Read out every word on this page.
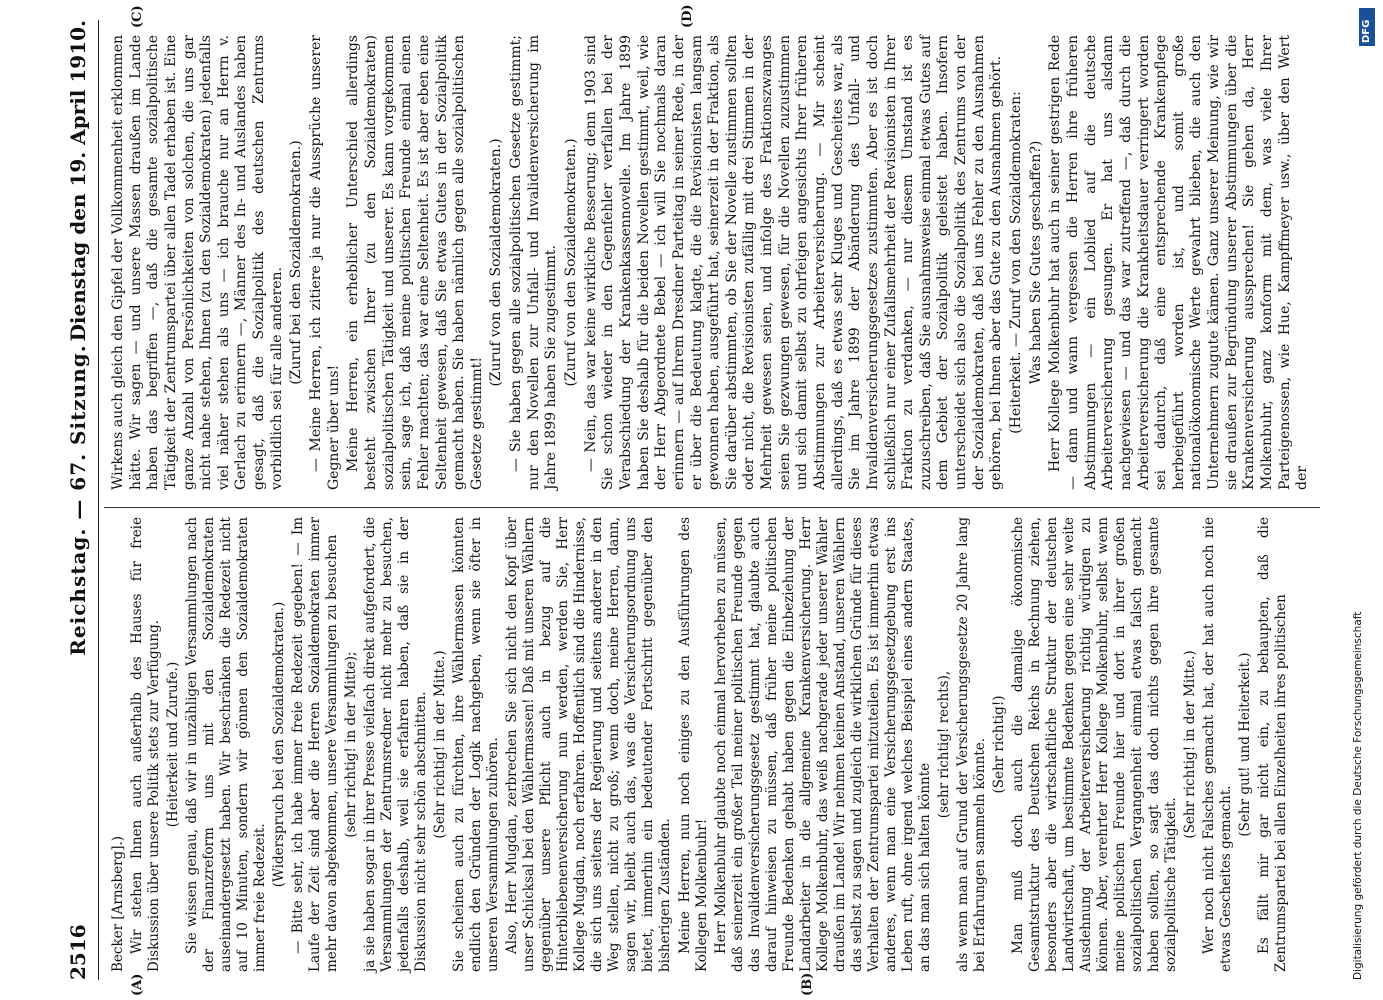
2516
Reichstag. — 67. Sitzung.
Dienstag den 19. April 1910.
(A)	(B)
(C)	(D)

Becker [Arnsberg].) Wir stehen Ihnen auch außerhalb des Hauses für freie Diskussion über unsere Politik stets zur Verfügung. (Heiterkeit und Zurufe.) Sie wissen genau, daß wir in unzähligen Versammlungen nach der Finanzreform uns mit den Sozialdemokraten auseinandergesetzt haben. Wir beschränken die Redezeit nicht auf 10 Minuten, sondern wir gönnen den Sozialdemokraten immer freie Redezeit.

(Widerspruch bei den Sozialdemokraten.) — Bitte sehr, ich habe immer freie Redezeit gegeben! — Im Laufe der Zeit sind aber die Herren Sozialdemokraten immer mehr davon abgekommen, unsere Versammlungen zu besuchen (sehr richtig! in der Mitte); ja sie haben sogar in ihrer Presse vielfach direkt aufgefordert, die Versammlungen der Zentrumsredner nicht mehr zu besuchen, jedenfalls deshalb, weil sie erfahren haben, daß sie in der Diskussion nicht sehr schön abschnitten. (Sehr richtig! in der Mitte.) Sie scheinen auch zu fürchten, ihre Wählermassen könnten endlich den Gründen der Logik nachgeben, wenn sie öfter in unseren Versammlungen zuhören. Also, Herr Mugdan, zerbrechen Sie sich nicht den Kopf über unser Schicksal bei den Wählermassen! Daß mit unseren Wählern gegenüber unsere Pflicht auch in bezug auf die Hinterbliebenenversicherung nun werden, werden Sie, Herr Kollege Mugdan, noch erfahren. Hoffentlich sind die Hindernisse, die sich uns seitens der Regierung und seitens anderer in den Weg stellen, nicht zu groß; wenn doch, meine Herren, dann, sagen wir, bleibt auch das, was die Versicherungsordnung uns bietet, immerhin ein bedeutender Fortschritt gegenüber den bisherigen Zuständen. Meine Herren, nun noch einiges zu den Ausführungen des Kollegen Molkenbuhr! Herr Molkenbuhr glaubte noch einmal hervorheben zu müssen, daß seinerzeit ein großer Teil meiner politischen Freunde gegen das Invalidenversicherungsgesetz gestimmt hat, glaubte auch darauf hinweisen zu müssen, daß früher meine politischen Freunde Bedenken gehabt haben gegen die Einbeziehung der Landarbeiter in die allgemeine Krankenversicherung. Herr Kollege Molkenbuhr, das weiß nachgerade jeder unserer Wähler draußen im Lande! Wir nehmen keinen Anstand, unseren Wählern das selbst zu sagen und zugleich die wirklichen Gründe für dieses Verhalten der Zentrumspartei mitzuteilen. Es ist immerhin etwas anderes, wenn man eine Versicherungsgesetzgebung erst ins Leben ruft, ohne irgend welches Beispiel eines andern Staates, an das man sich halten könnte

(sehr richtig! rechts), als wenn man auf Grund der Versicherungsgesetze 20 Jahre lang bei Erfahrungen sammeln könnte. (Sehr richtig!) Man muß doch auch die damalige ökonomische Gesamtstruktur des Deutschen Reichs in Rechnung ziehen, besonders aber die wirtschaftliche Struktur der deutschen Landwirtschaft, um bestimmte Bedenken gegen eine sehr weite Ausdehnung der Arbeiterversicherung richtig würdigen zu können. Aber, verehrter Herr Kollege Molkenbuhr, selbst wenn meine politischen Freunde hier und dort in ihrer großen sozialpolitischen Vergangenheit einmal etwas falsch gemacht haben sollten, so sagt das doch nichts gegen ihre gesamte sozialpolitische Tätigkeit.

(Sehr richtig! in der Mitte.) Wer noch nicht Falsches gemacht hat, der hat auch noch nie etwas Gescheites gemacht.

(Sehr gut! und Heiterkeit.) Es fällt mir gar nicht ein, zu behaupten, daß die Zentrumspartei bei allen Einzelheiten ihres politischen

Wirkens auch gleich den Gipfel der Vollkommenheit erklommen hätte. Wir sagen — und unsere Massen draußen im Lande haben das begriffen —, daß die gesamte sozialpolitische Tätigkeit der Zentrumspartei über allen Tadel erhaben ist. Eine ganze Anzahl von Persönlichkeiten von solchen, die uns gar nicht nahe stehen, Ihnen (zu den Sozialdemokraten) jedenfalls viel näher stehen als uns — ich brauche nur an Herrn v. Gerlach zu erinnern —, Männer des In- und Auslandes haben gesagt, daß die Sozialpolitik des deutschen Zentrums vorbildlich sei für alle anderen. (Zuruf bei den Sozialdemokraten.) — Meine Herren, ich zitiere ja nur die Aussprüche unserer Gegner über uns! Meine Herren, ein erheblicher Unterschied allerdings besteht zwischen Ihrer (zu den Sozialdemokraten) sozialpolitischen Tätigkeit und unserer. Es kann vorgekommen sein, sage ich, daß meine politischen Freunde einmal einen Fehler machten; das war eine Seltenheit. Es ist aber eben eine Seltenheit gewesen, daß Sie etwas Gutes in der Sozialpolitik gemacht haben. Sie haben nämlich gegen alle sozialpolitischen Gesetze gestimmt!

(Zuruf von den Sozialdemokraten.) — Sie haben gegen alle sozialpolitischen Gesetze gestimmt; nur den Novellen zur Unfall- und Invalidenversicherung im Jahre 1899 haben Sie zugestimmt. (Zuruf von den Sozialdemokraten.) — Nein, das war keine wirkliche Besserung; denn 1903 sind Sie schon wieder in den Gegenfehler verfallen bei der Verabschiedung der Krankenkassennovelle. Im Jahre 1899 haben Sie deshalb für die beiden Novellen gestimmt, weil, wie der Herr Abgeordnete Bebel — ich will Sie nochmals daran erinnern — auf Ihrem Dresdner Parteitag in seiner Rede, in der er über die Bedeutung klagte, die die Revisionisten langsam gewonnen haben, ausgeführt hat, seinerzeit in der Fraktion, als Sie darüber abstimmten, ob Sie der Novelle zustimmen sollten oder nicht, die Revisionisten zufällig mit drei Stimmen in der Mehrheit gewesen seien, und infolge des Fraktionszwanges seien Sie gezwungen gewesen, für die Novellen zuzustimmen und sich damit selbst zu ohrfeigen angesichts Ihrer früheren Abstimmungen zur Arbeiterversicherung. — Mir scheint allerdings, daß es etwas sehr Kluges und Gescheites war, als Sie im Jahre 1899 der Abänderung des Unfall- und Invalidenversicherungsgesetzes zustimmten. Aber es ist doch schließlich nur einer Zufallsmehrheit der Revisionisten in Ihrer Fraktion zu verdanken, — nur diesem Umstand ist es zuzuschreiben, daß Sie ausnahmsweise einmal etwas Gutes auf dem Gebiet der Sozialpolitik geleistet haben. Insofern unterscheidet sich also die Sozialpolitik des Zentrums von der der Sozialdemokraten, daß bei uns Fehler zu den Ausnahmen gehören, bei Ihnen aber das Gute zu den Ausnahmen gehört. (Heiterkeit. — Zuruf von den Sozialdemokraten: Was haben Sie Gutes geschaffen?) Herr Kollege Molkenbuhr hat auch in seiner gestrigen Rede — dann und wann vergessen die Herren ihre früheren Abstimmungen — ein Loblied auf die deutsche Arbeiterversicherung gesungen. Er hat uns alsdann nachgewiesen — und das war zutreffend —, daß durch die Arbeiterversicherung die Krankheitsdauer verringert worden sei dadurch, daß eine entsprechende Krankenpflege herbeigeführt worden ist, und somit große nationalökonomische Werte gewahrt blieben, die auch den Unternehmern zugute kämen. Ganz unserer Meinung, wie wir sie draußen zur Begründung unserer Abstimmungen über die Krankenversicherung aussprechen! Sie gehen da, Herr Molkenbuhr, ganz konform mit dem, was viele Ihrer Parteigenossen, wie Hue, Kampffmeyer usw., über den Wert der

Digitalisierung gefördert durch die Deutsche Forschungsgemeinschaft
DFG
